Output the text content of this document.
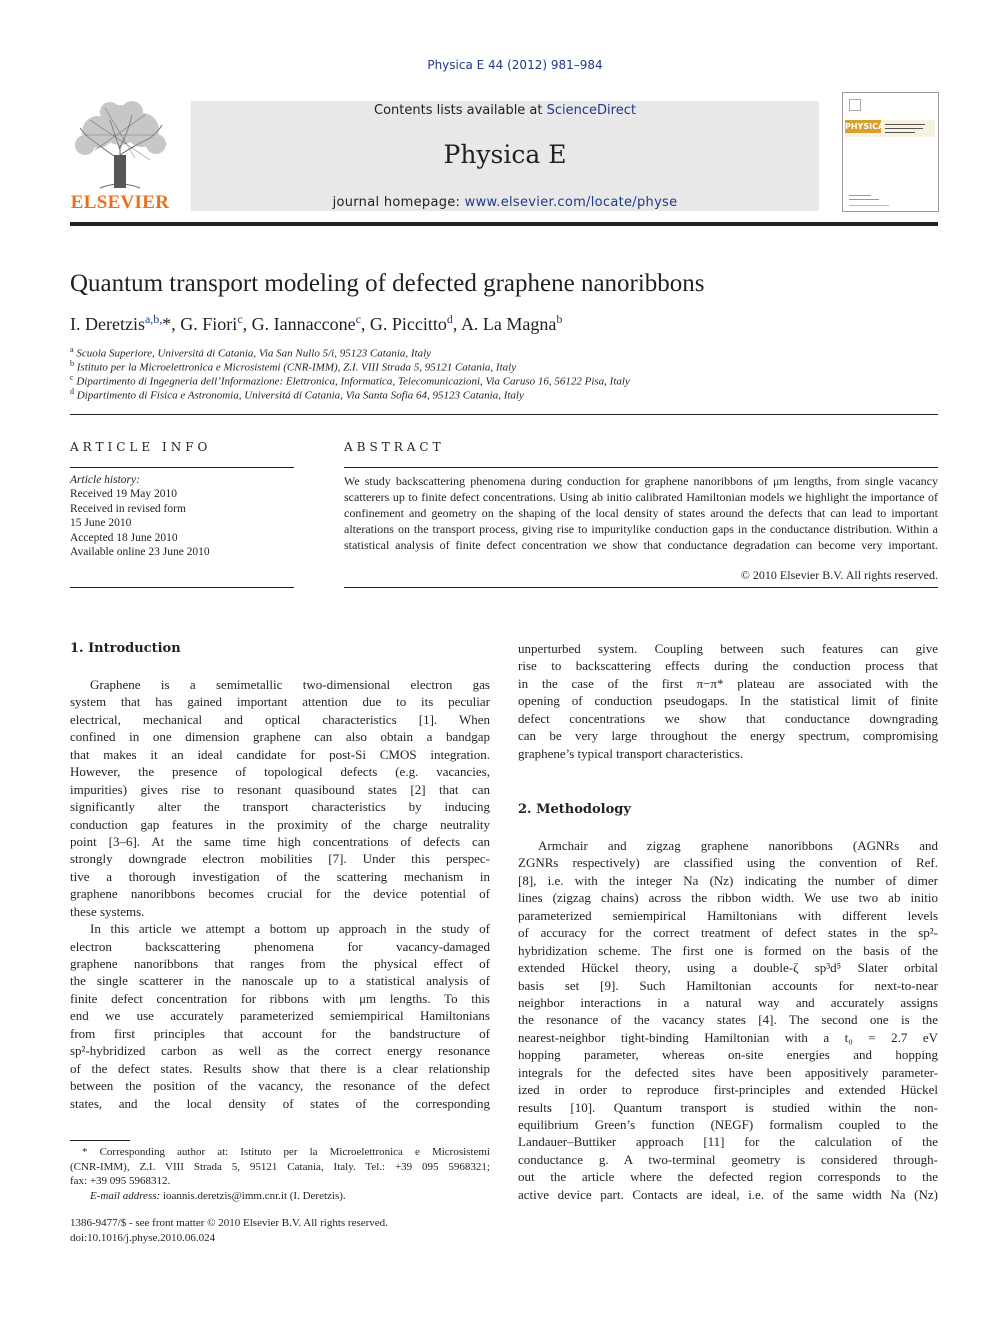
Physica E 44 (2012) 981–984
ELSEVIER
Contents lists available at ScienceDirect
Physica E
journal homepage: www.elsevier.com/locate/physe
PHYSICA
Quantum transport modeling of defected graphene nanoribbons
I. Deretzis$^{a,b,}$*, G. Fiori$^c$, G. Iannaccone$^c$, G. Piccitto$^d$, A. La Magna$^b$
$^a$ Scuola Superiore, Universitá di Catania, Via San Nullo 5/i, 95123 Catania, Italy
$^b$ Istituto per la Microelettronica e Microsistemi (CNR-IMM), Z.I. VIII Strada 5, 95121 Catania, Italy
$^c$ Dipartimento di Ingegneria dell’Informazione: Elettronica, Informatica, Telecomunicazioni, Via Caruso 16, 56122 Pisa, Italy
$^d$ Dipartimento di Fisica e Astronomia, Universitá di Catania, Via Santa Sofia 64, 95123 Catania, Italy
ARTICLE INFO
Article history:
Received 19 May 2010
Received in revised form
15 June 2010
Accepted 18 June 2010
Available online 23 June 2010
ABSTRACT
We study backscattering phenomena during conduction for graphene nanoribbons of μm lengths, from single vacancy scatterers up to finite defect concentrations. Using ab initio calibrated Hamiltonian models we highlight the importance of confinement and geometry on the shaping of the local density of states around the defects that can lead to important alterations on the transport process, giving rise to impuritylike conduction gaps in the conductance distribution. Within a statistical analysis of finite defect concentration we show that conductance degradation can become very important.
© 2010 Elsevier B.V. All rights reserved.
1. Introduction
Graphene is a semimetallic two-dimensional electron gas
system that has gained important attention due to its peculiar
electrical, mechanical and optical characteristics [1]. When
confined in one dimension graphene can also obtain a bandgap
that makes it an ideal candidate for post-Si CMOS integration.
However, the presence of topological defects (e.g. vacancies,
impurities) gives rise to resonant quasibound states [2] that can
significantly alter the transport characteristics by inducing
conduction gap features in the proximity of the charge neutrality
point [3–6]. At the same time high concentrations of defects can
strongly downgrade electron mobilities [7]. Under this perspec-
tive a thorough investigation of the scattering mechanism in
graphene nanoribbons becomes crucial for the device potential of
these systems.
In this article we attempt a bottom up approach in the study of
electron backscattering phenomena for vacancy-damaged
graphene nanoribbons that ranges from the physical effect of
the single scatterer in the nanoscale up to a statistical analysis of
finite defect concentration for ribbons with μm lengths. To this
end we use accurately parameterized semiempirical Hamiltonians
from first principles that account for the bandstructure of
sp²-hybridized carbon as well as the correct energy resonance
of the defect states. Results show that there is a clear relationship
between the position of the vacancy, the resonance of the defect
states, and the local density of states of the corresponding
* Corresponding author at: Istituto per la Microelettronica e Microsistemi
(CNR-IMM), Z.I. VIII Strada 5, 95121 Catania, Italy. Tel.: +39 095 5968321;
fax: +39 095 5968312.
E-mail address: ioannis.deretzis@imm.cnr.it (I. Deretzis).
1386-9477/$ - see front matter © 2010 Elsevier B.V. All rights reserved.
doi:10.1016/j.physe.2010.06.024
unperturbed system. Coupling between such features can give
rise to backscattering effects during the conduction process that
in the case of the first π−π* plateau are associated with the
opening of conduction pseudogaps. In the statistical limit of finite
defect concentrations we show that conductance downgrading
can be very large throughout the energy spectrum, compromising
graphene’s typical transport characteristics.
2. Methodology
Armchair and zigzag graphene nanoribbons (AGNRs and
ZGNRs respectively) are classified using the convention of Ref.
[8], i.e. with the integer Na (Nz) indicating the number of dimer
lines (zigzag chains) across the ribbon width. We use two ab initio
parameterized semiempirical Hamiltonians with different levels
of accuracy for the correct treatment of defect states in the sp²-
hybridization scheme. The first one is formed on the basis of the
extended Hückel theory, using a double-ζ sp³d⁵ Slater orbital
basis set [9]. Such Hamiltonian accounts for next-to-near
neighbor interactions in a natural way and accurately assigns
the resonance of the vacancy states [4]. The second one is the
nearest-neighbor tight-binding Hamiltonian with a t₀ = 2.7 eV
hopping parameter, whereas on-site energies and hopping
integrals for the defected sites have been appositively parameter-
ized in order to reproduce first-principles and extended Hückel
results [10]. Quantum transport is studied within the non-
equilibrium Green’s function (NEGF) formalism coupled to the
Landauer–Buttiker approach [11] for the calculation of the
conductance g. A two-terminal geometry is considered through-
out the article where the defected region corresponds to the
active device part. Contacts are ideal, i.e. of the same width Na (Nz)
